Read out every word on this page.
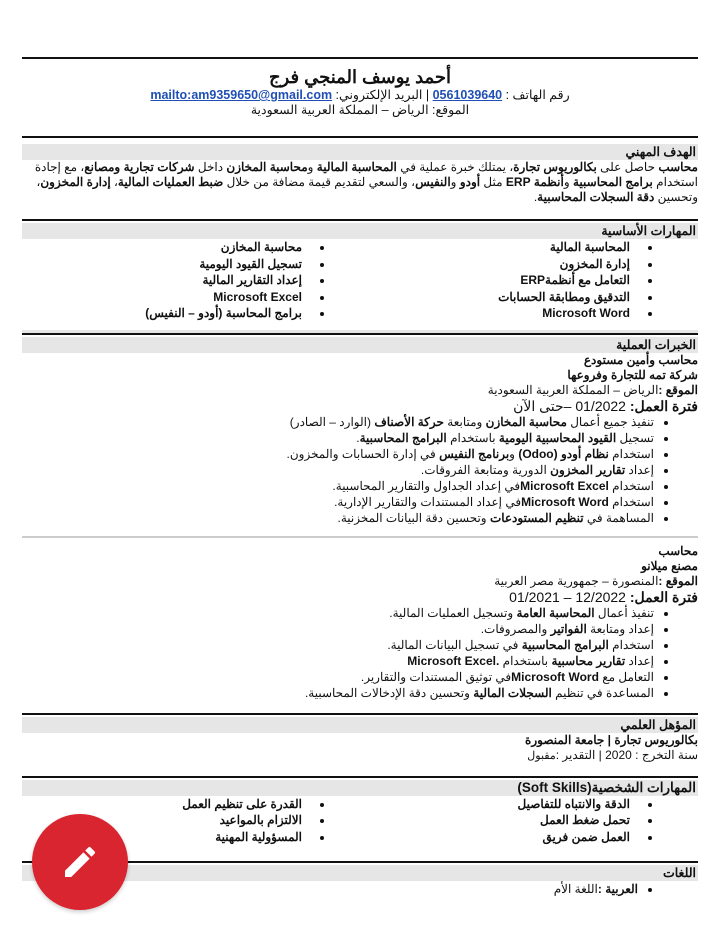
أحمد يوسف المنجي فرج
رقم الهاتف : 0561039640 | البريد الإلكتروني: mailto:am9359650@gmail.com
الموقع: الرياض – المملكة العربية السعودية
الهدف المهني
محاسب حاصل على بكالوريوس تجارة، يمتلك خبرة عملية في المحاسبة المالية ومحاسبة المخازن داخل شركات تجارية ومصانع، مع إجادة استخدام برامج المحاسبية وأنظمة ERP مثل أودو والنفيس، والسعي لتقديم قيمة مضافة من خلال ضبط العمليات المالية، إدارة المخزون، وتحسين دقة السجلات المحاسبية.
المهارات الأساسية
• المحاسبة المالية
• إدارة المخزون
• التعامل مع أنظمةERP
• التدقيق ومطابقة الحسابات
• Microsoft Word
• محاسبة المخازن
• تسجيل القيود اليومية
• إعداد التقارير المالية
• Microsoft Excel
• برامج المحاسبة (أودو – النفيس)
الخبرات العملية
محاسب وأمين مستودع
شركة تمه للتجارة وفروعها
الموقع :الرياض – المملكة العربية السعودية
فترة العمل: 01/2022 –حتى الآن
• تنفيذ جميع أعمال محاسبة المخازن ومتابعة حركة الأصناف (الوارد – الصادر)
• تسجيل القيود المحاسبية اليومية باستخدام البرامج المحاسبية.
• استخدام نظام أودو (Odoo) وبرنامج النفيس في إدارة الحسابات والمخزون.
• إعداد تقارير المخزون الدورية ومتابعة الفروقات.
• استخدام Microsoft Excelفي إعداد الجداول والتقارير المحاسبية.
• استخدام Microsoft Wordفي إعداد المستندات والتقارير الإدارية.
• المساهمة في تنظيم المستودعات وتحسين دقة البيانات المخزنية.
محاسب
مصنع ميلانو
الموقع :المنصورة – جمهورية مصر العربية
فترة العمل: 12/2022 – 01/2021
• تنفيذ أعمال المحاسبة العامة وتسجيل العمليات المالية.
• إعداد ومتابعة الفواتير والمصروفات.
• استخدام البرامج المحاسبية في تسجيل البيانات المالية.
• إعداد تقارير محاسبية باستخدام .Microsoft Excel
• التعامل مع Microsoft Wordفي توثيق المستندات والتقارير.
• المساعدة في تنظيم السجلات المالية وتحسين دقة الإدخالات المحاسبية.
المؤهل العلمي
بكالوريوس تجارة | جامعة المنصورة
سنة التخرج : 2020 | التقدير :مقبول
المهارات الشخصية(Soft Skills)
• الدقة والانتباه للتفاصيل
• تحمل ضغط العمل
• العمل ضمن فريق
• القدرة على تنظيم العمل
• الالتزام بالمواعيد
• المسؤولية المهنية
اللغات
• العربية :اللغة الأم
